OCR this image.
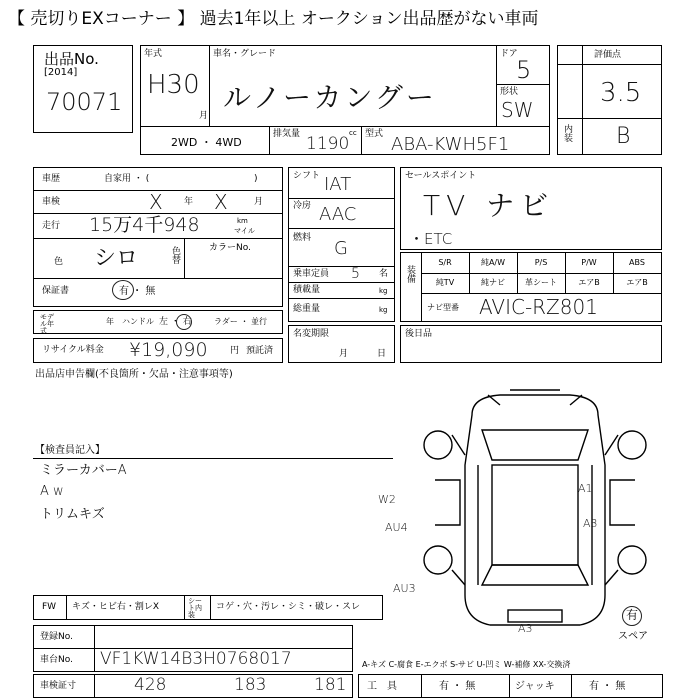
【 売切りEXコーナー 】 過去1年以上 オークション出品歴がない車両
出品No.
[2014]
70071
年式
H30
月
車名・グレード
ルノーカングー
ドア
5
形状
SW
2WD ・ 4WD
排気量 1190
cc 型式 ABA-KWH5F1
評価点
3.5
内装 B
車歴	自家用 ・ (	)
車検	X 年 X	月
走行 15万4千948	km
マイル
色 シロ	色替
カラーNo.
保証書	有 ・ 無
モデル年式
年 ハンドル 左 ・ 右	ラダー ・ 並行
リサイクル料金 ¥19,090 円 預託済
シフト IAT
冷房 AAC
燃料 G
乗車定員 5 名
積載量	kg
総重量	kg
名変期限
月	日
セールスポイント
TV ナビ
・ETC
装備
S/R	純A/W	P/S	P/W	ABS
純TV	純ナビ	革シート	エアB	エアB
ナビ型番 AVIC-RZ801
後日品
出品店申告欄(不良箇所・欠品・注意事項等)
【検査員記入】
ミラーカバーA
A w
トリムキズ
W2
A1
AU4	A3
AU3
A3
有
スペア
FW キズ・ヒビ右・割レX
シート内装
コゲ・穴・汚レ・シミ・破レ・スレ
登録No.
車台No. VF1KW14B3H0768017	A-キズ C-腐食 E-エクボ S-サビ U-凹ミ W-補修 XX-交換済
車検証寸	428	183	181 工　具	有 ・ 無	ジャッキ	有 ・ 無
